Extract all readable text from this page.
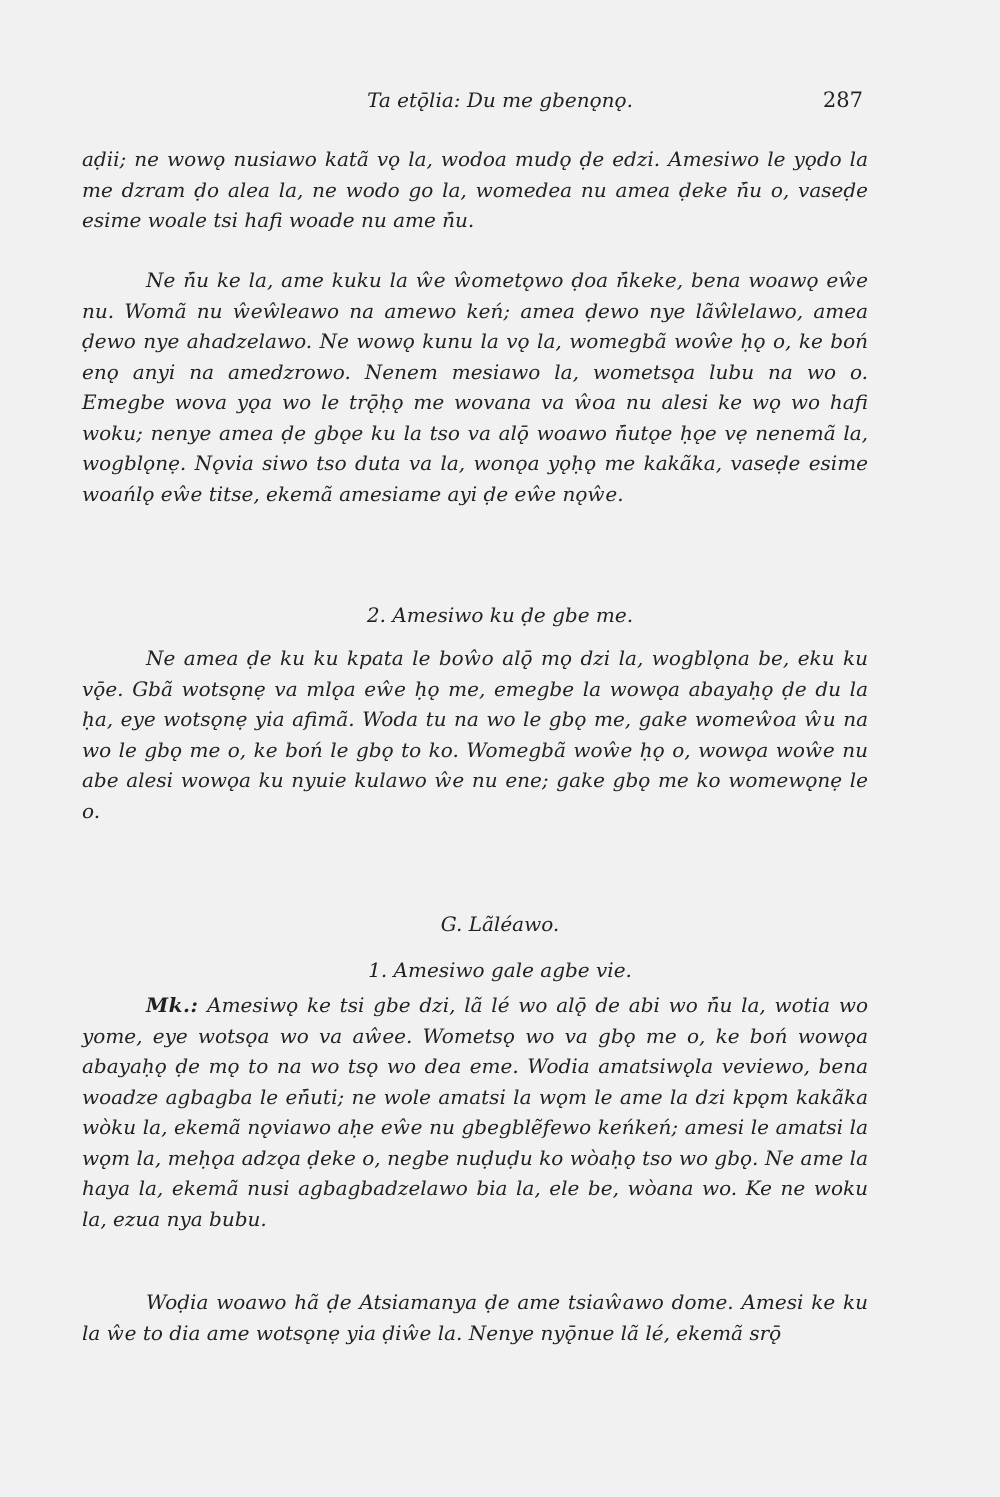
Ta etǭlia: Du me gbenǫnǫ.	287

aḍii; ne wowǫ nusiawo katã vǫ la, wodoa mudǫ ḍe edzi. Amesiwo le yǫdo la me dzram ḍo alea la, ne wodo go la, womedea nu amea ḍeke ń̄u o, vaseḍe esime woale tsi hafi woade nu ame ń̄u.

Ne ń̄u ke la, ame kuku la ŵe ŵometǫwo ḍoa ń̄keke, bena woawǫ eŵe nu. Womã nu ŵeŵleawo na amewo keń; amea ḍewo nye lãŵlelawo, amea ḍewo nye ahadzelawo. Ne wowǫ kunu la vǫ la, womegbã woŵe ḥǫ o, ke boń enǫ anyi na amedzrowo. Nenem mesiawo la, wometsǫa lubu na wo o. Emegbe wova yǫa wo le trǭḥǫ me wovana va ŵoa nu alesi ke wǫ wo hafi woku; nenye amea ḍe gbǫe ku la tso va alǭ woawo ń̄utǫe ḥǫe vẹ nenemã la, wogblǫnẹ. Nǫvia siwo tso duta va la, wonǫa yǫḥǫ me kakãka, vaseḍe esime woańlǫ eŵe titse, ekemã amesiame ayi ḍe eŵe nǫŵe.

2. Amesiwo ku ḍe gbe me.

Ne amea ḍe ku ku kpata le boŵo alǭ mǫ dzi la, wogblǫna be, eku ku vǭe. Gbã wotsǫnẹ va mlǫa eŵe ḥǫ me, emegbe la wowǫa abayaḥǫ ḍe du la ḥa, eye wotsǫnẹ yia afimã. Woda tu na wo le gbǫ me, gake womeŵoa ŵu na wo le gbǫ me o, ke boń le gbǫ to ko. Womegbã woŵe ḥǫ o, wowǫa woŵe nu abe alesi wowǫa ku nyuie kulawo ŵe nu ene; gake gbǫ me ko womewǫnẹ le o.

G. Lãléawo.
1. Amesiwo gale agbe vie.

Mk.: Amesiwǫ ke tsi gbe dzi, lã lé wo alǭ de abi wo ń̄u la, wotia wo yome, eye wotsǫa wo va aŵee. Wometsǫ wo va gbǫ me o, ke boń wowǫa abayaḥǫ ḍe mǫ to na wo tsǫ wo dea eme. Wodia amatsiwǫla veviewo, bena woadze agbagba le eń̄uti; ne wole amatsi la wǫm le ame la dzi kpǫm kakãka wòku la, ekemã nǫviawo aḥe eŵe nu gbegblẽfewo keńkeń; amesi le amatsi la wǫm la, meḥǫa adzǫa ḍeke o, negbe nuḍuḍu ko wòaḥǫ tso wo gbǫ. Ne ame la haya la, ekemã nusi agbagbadzelawo bia la, ele be, wòana wo. Ke ne woku la, ezua nya bubu.

Woḍia woawo hã ḍe Atsiamanya ḍe ame tsiaŵawo dome. Amesi ke ku la ŵe to dia ame wotsǫnẹ yia ḍiŵe la. Nenye nyǭnue lã lé, ekemã srǭ
